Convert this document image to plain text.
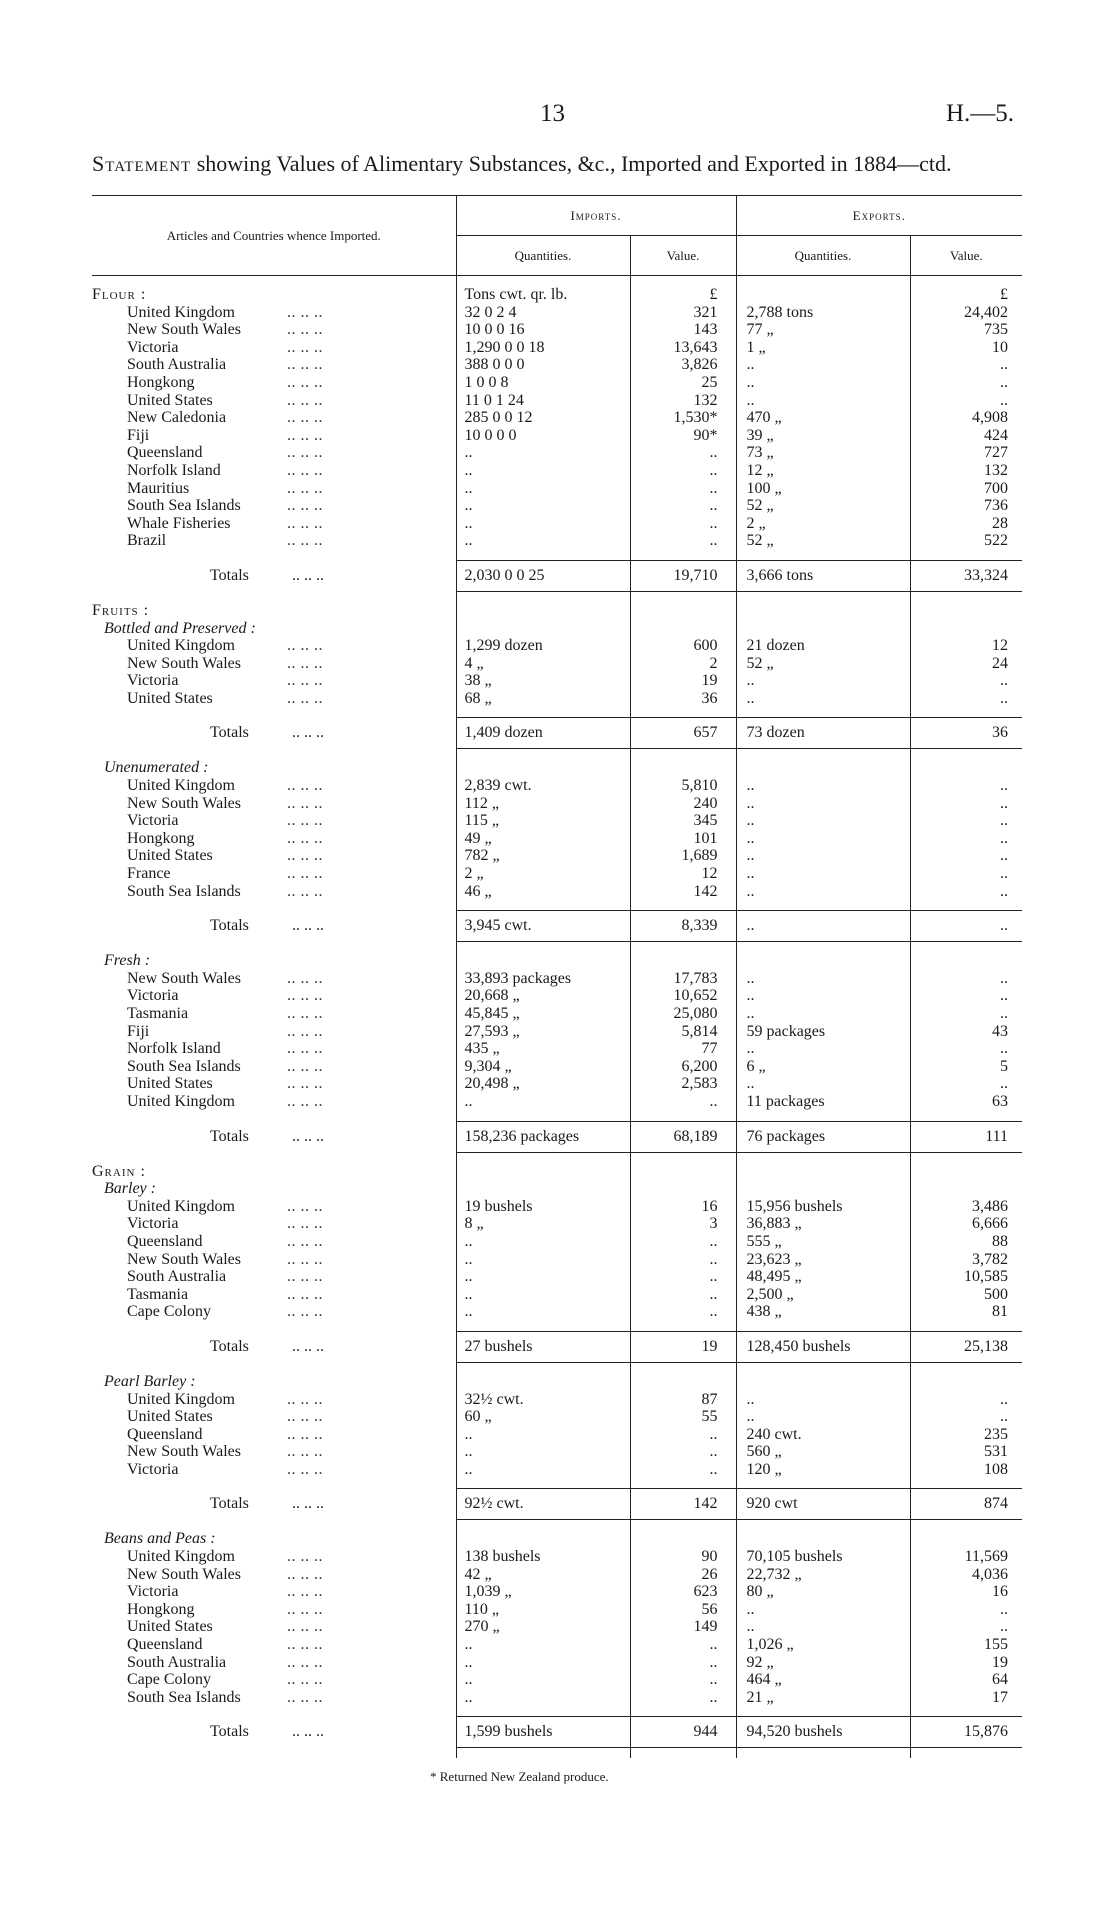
13	H.—5.
Statement showing Values of Alimentary Substances, &c., Imported and Exported in 1884—ctd.
Articles and Countries whence Imported.	Imports.		Exports.	
	Quantities.	Value.	Quantities.	Value.

Flour :	Tons cwt. qr. lb.	£		£
United Kingdom .. .. ..	32 0 2 4	321	2,788 tons	24,402
New South Wales .. .. ..	10 0 0 16	143	77 „	735
Victoria .. .. ..	1,290 0 0 18	13,643	1 „	10
South Australia .. .. ..	388 0 0 0	3,826	..	..
Hongkong .. .. ..	1 0 0 8	25	..	..
United States .. .. ..	11 0 1 24	132	..	..
New Caledonia .. .. ..	285 0 0 12	1,530*	470 „	4,908
Fiji .. .. ..	10 0 0 0	90*	39 „	424
Queensland .. .. ..	..	..	73 „	727
Norfolk Island .. .. ..	..	..	12 „	132
Mauritius .. .. ..	..	..	100 „	700
South Sea Islands .. .. ..	..	..	52 „	736
Whale Fisheries .. .. ..	..	..	2 „	28
Brazil .. .. ..	..	..	52 „	522

Totals .. .. ..	2,030 0 0 25	19,710	3,666 tons	33,324

Fruits :				
Bottled and Preserved :				
United Kingdom .. .. ..	1,299 dozen	600	21 dozen	12
New South Wales .. .. ..	4 „	2	52 „	24
Victoria .. .. ..	38 „	19	..	..
United States .. .. ..	68 „	36	..	..

Totals .. .. ..	1,409 dozen	657	73 dozen	36

Unenumerated :				
United Kingdom .. .. ..	2,839 cwt.	5,810	..	..
New South Wales .. .. ..	112 „	240	..	..
Victoria .. .. ..	115 „	345	..	..
Hongkong .. .. ..	49 „	101	..	..
United States .. .. ..	782 „	1,689	..	..
France .. .. ..	2 „	12	..	..
South Sea Islands .. .. ..	46 „	142	..	..

Totals .. .. ..	3,945 cwt.	8,339	..	..

Fresh :				
New South Wales .. .. ..	33,893 packages	17,783	..	..
Victoria .. .. ..	20,668 „	10,652	..	..
Tasmania .. .. ..	45,845 „	25,080	..	..
Fiji .. .. ..	27,593 „	5,814	59 packages	43
Norfolk Island .. .. ..	435 „	77	..	..
South Sea Islands .. .. ..	9,304 „	6,200	6 „	5
United States .. .. ..	20,498 „	2,583	..	..
United Kingdom .. .. ..	..	..	11 packages	63

Totals .. .. ..	158,236 packages	68,189	76 packages	111

Grain :				
Barley :				
United Kingdom .. .. ..	19 bushels	16	15,956 bushels	3,486
Victoria .. .. ..	8 „	3	36,883 „	6,666
Queensland .. .. ..	..	..	555 „	88
New South Wales .. .. ..	..	..	23,623 „	3,782
South Australia .. .. ..	..	..	48,495 „	10,585
Tasmania .. .. ..	..	..	2,500 „	500
Cape Colony .. .. ..	..	..	438 „	81

Totals .. .. ..	27 bushels	19	128,450 bushels	25,138

Pearl Barley :				
United Kingdom .. .. ..	32½ cwt.	87	..	..
United States .. .. ..	60 „	55	..	..
Queensland .. .. ..	..	..	240 cwt.	235
New South Wales .. .. ..	..	..	560 „	531
Victoria .. .. ..	..	..	120 „	108

Totals .. .. ..	92½ cwt.	142	920 cwt	874

Beans and Peas :				
United Kingdom .. .. ..	138 bushels	90	70,105 bushels	11,569
New South Wales .. .. ..	42 „	26	22,732 „	4,036
Victoria .. .. ..	1,039 „	623	80 „	16
Hongkong .. .. ..	110 „	56	..	..
United States .. .. ..	270 „	149	..	..
Queensland .. .. ..	..	..	1,026 „	155
South Australia .. .. ..	..	..	92 „	19
Cape Colony .. .. ..	..	..	464 „	64
South Sea Islands .. .. ..	..	..	21 „	17

Totals .. .. ..	1,599 bushels	944	94,520 bushels	15,876

* Returned New Zealand produce.
